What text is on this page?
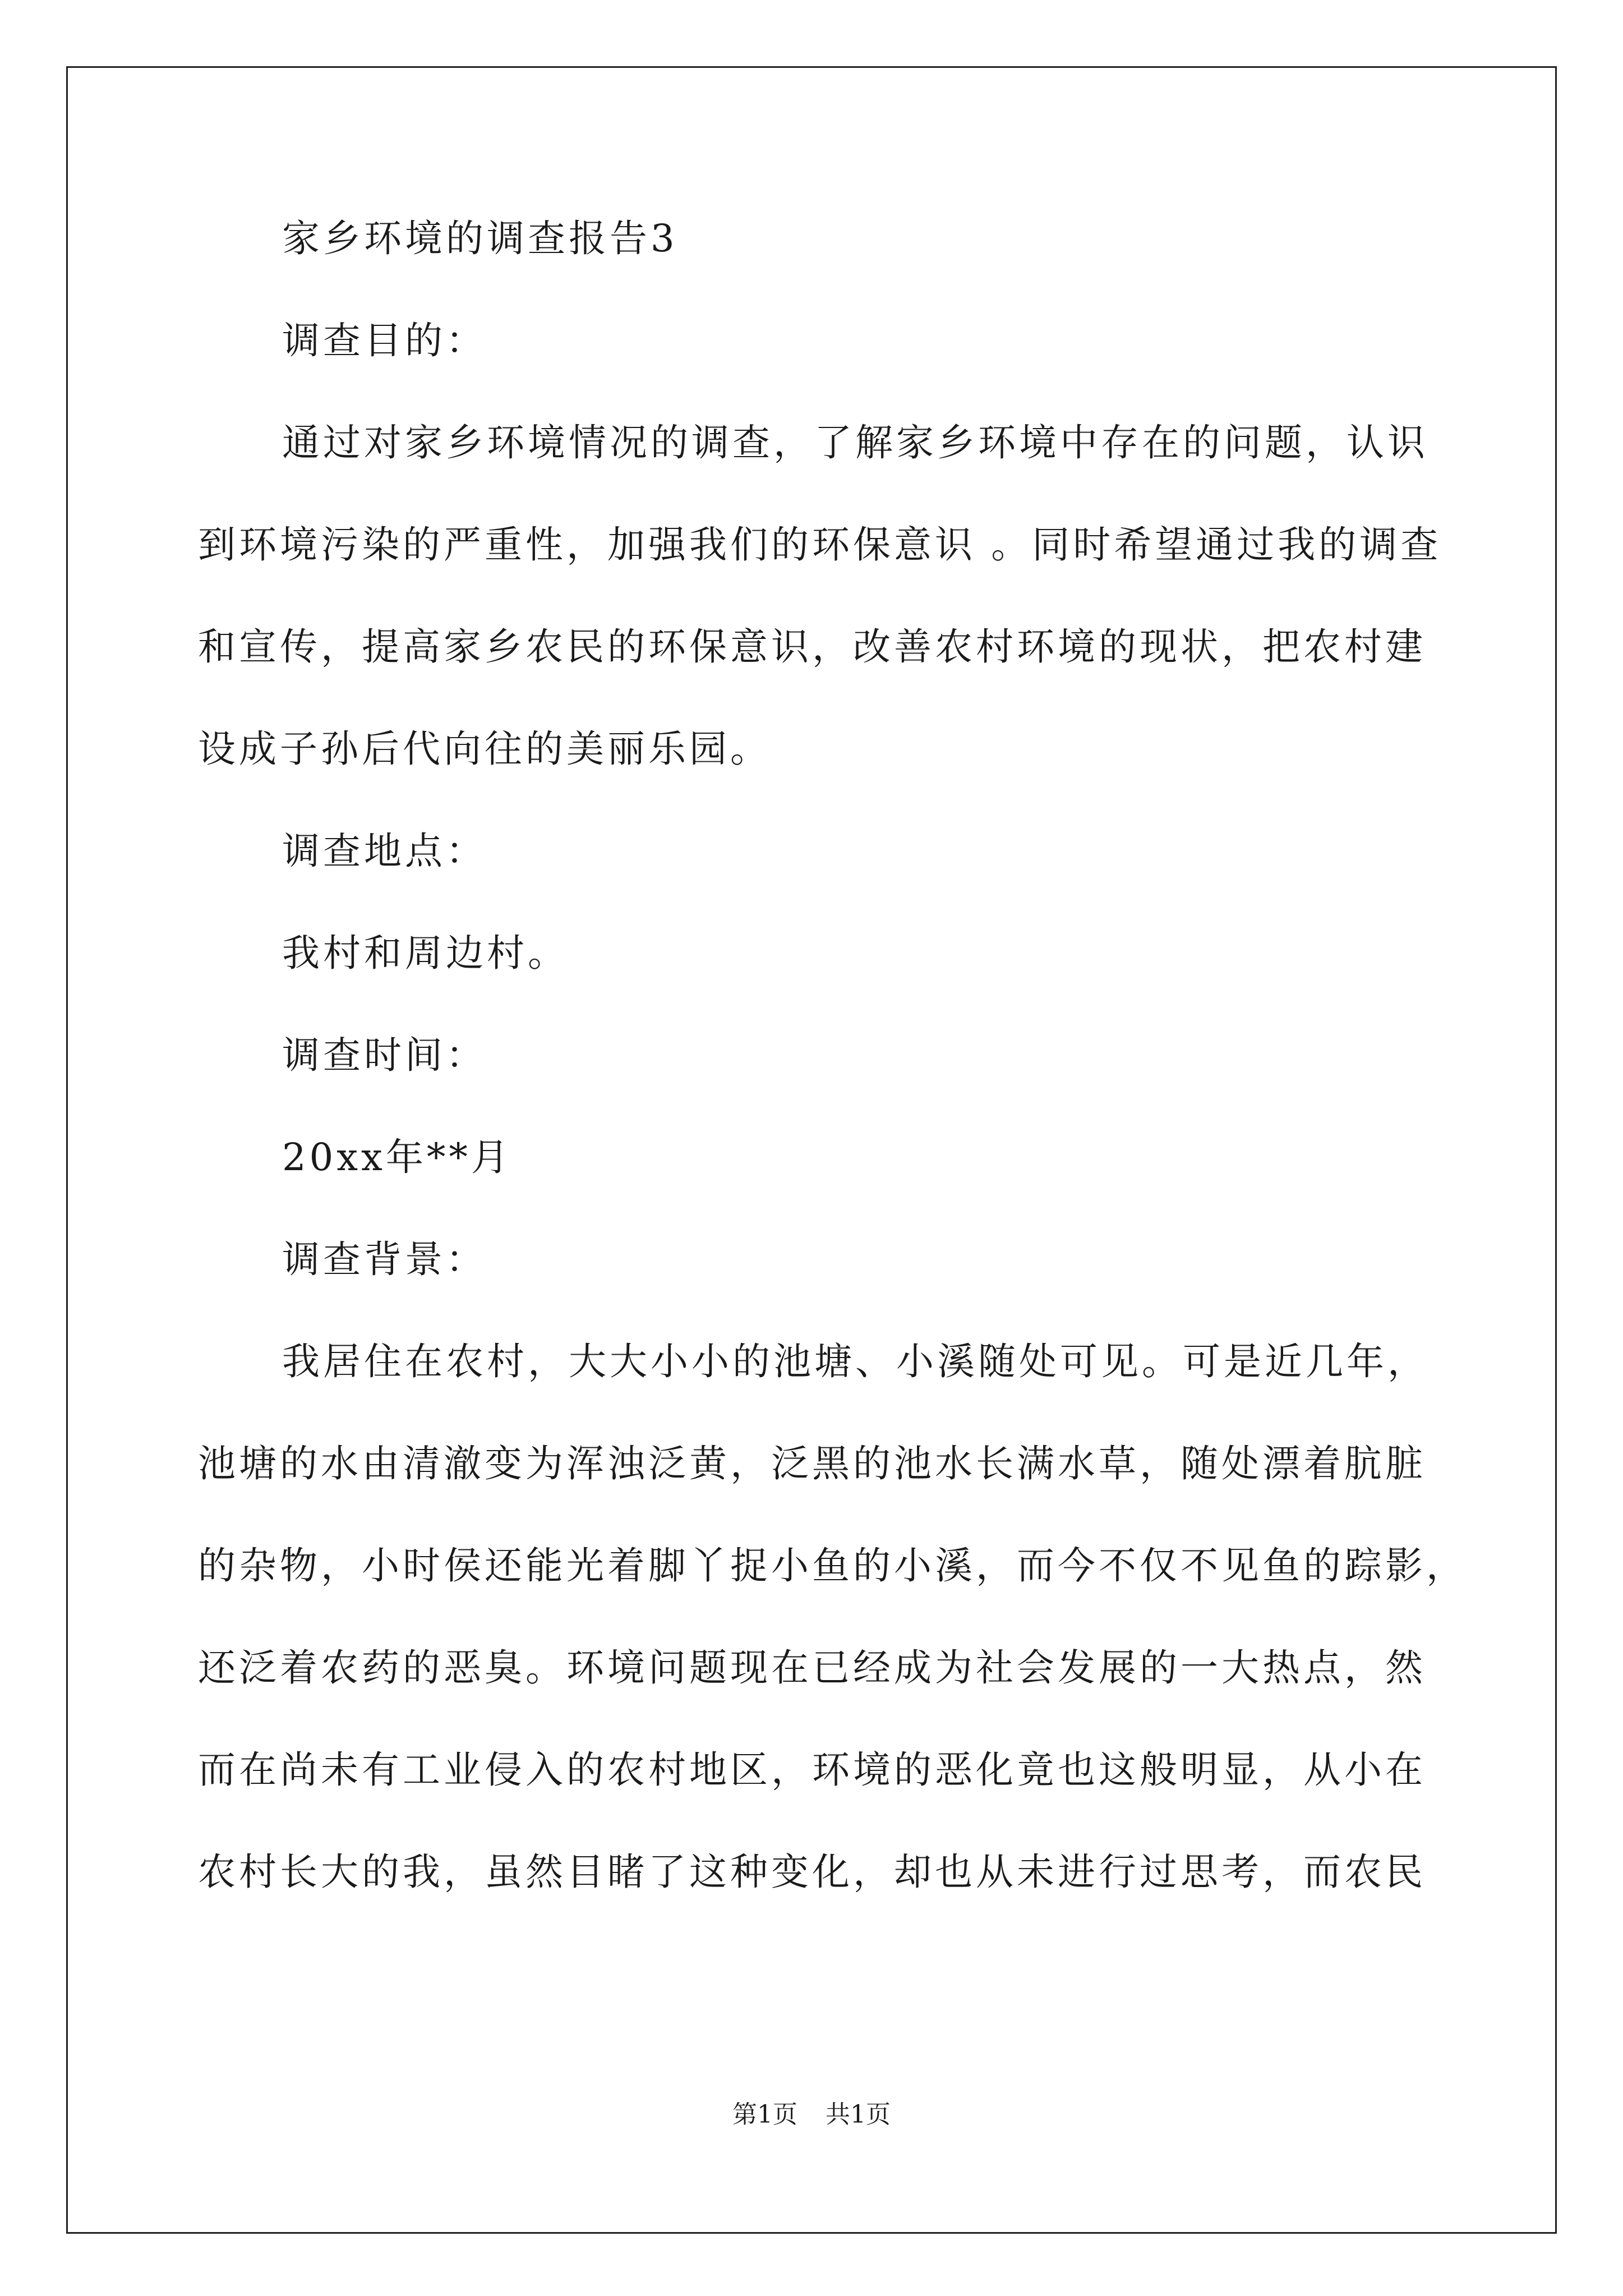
家乡环境的调查报告3
调查目的：
通过对家乡环境情况的调查，了解家乡环境中存在的问题，认识
到环境污染的严重性，加强我们的环保意识 。同时希望通过我的调查
和宣传，提高家乡农民的环保意识，改善农村环境的现状，把农村建
设成子孙后代向往的美丽乐园。
调查地点：
我村和周边村。
调查时间：
20xx年**月
调查背景：
我居住在农村，大大小小的池塘、小溪随处可见。可是近几年，
池塘的水由清澈变为浑浊泛黄，泛黑的池水长满水草，随处漂着肮脏
的杂物，小时侯还能光着脚丫捉小鱼的小溪，而今不仅不见鱼的踪影，
还泛着农药的恶臭。环境问题现在已经成为社会发展的一大热点，然
而在尚未有工业侵入的农村地区，环境的恶化竟也这般明显，从小在
农村长大的我，虽然目睹了这种变化，却也从未进行过思考，而农民
第1页 共1页
